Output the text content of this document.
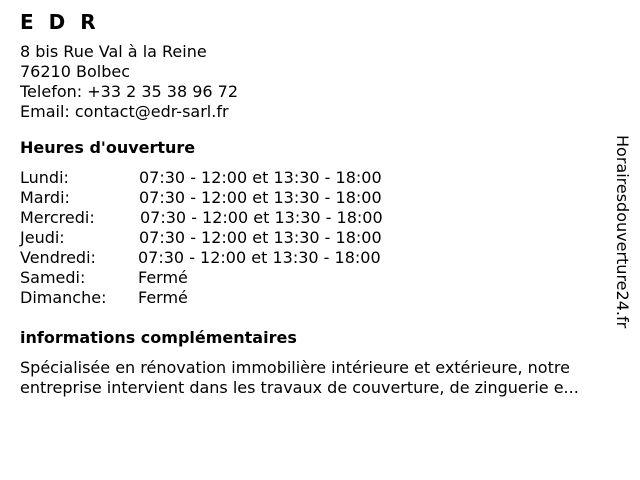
E D R
8 bis Rue Val à la Reine
76210 Bolbec
Telefon: +33 2 35 38 96 72
Email: contact@edr-sarl.fr
Heures d'ouverture
Lundi:	07:30 - 12:00 et 13:30 - 18:00
Mardi:	07:30 - 12:00 et 13:30 - 18:00
Mercredi:	07:30 - 12:00 et 13:30 - 18:00
Jeudi:	07:30 - 12:00 et 13:30 - 18:00
Vendredi:	07:30 - 12:00 et 13:30 - 18:00
Samedi:	Fermé
Dimanche: Fermé
informations complémentaires
Spécialisée en rénovation immobilière intérieure et extérieure, notre
entreprise intervient dans les travaux de couverture, de zinguerie e...
Horairesdouverture24.fr
